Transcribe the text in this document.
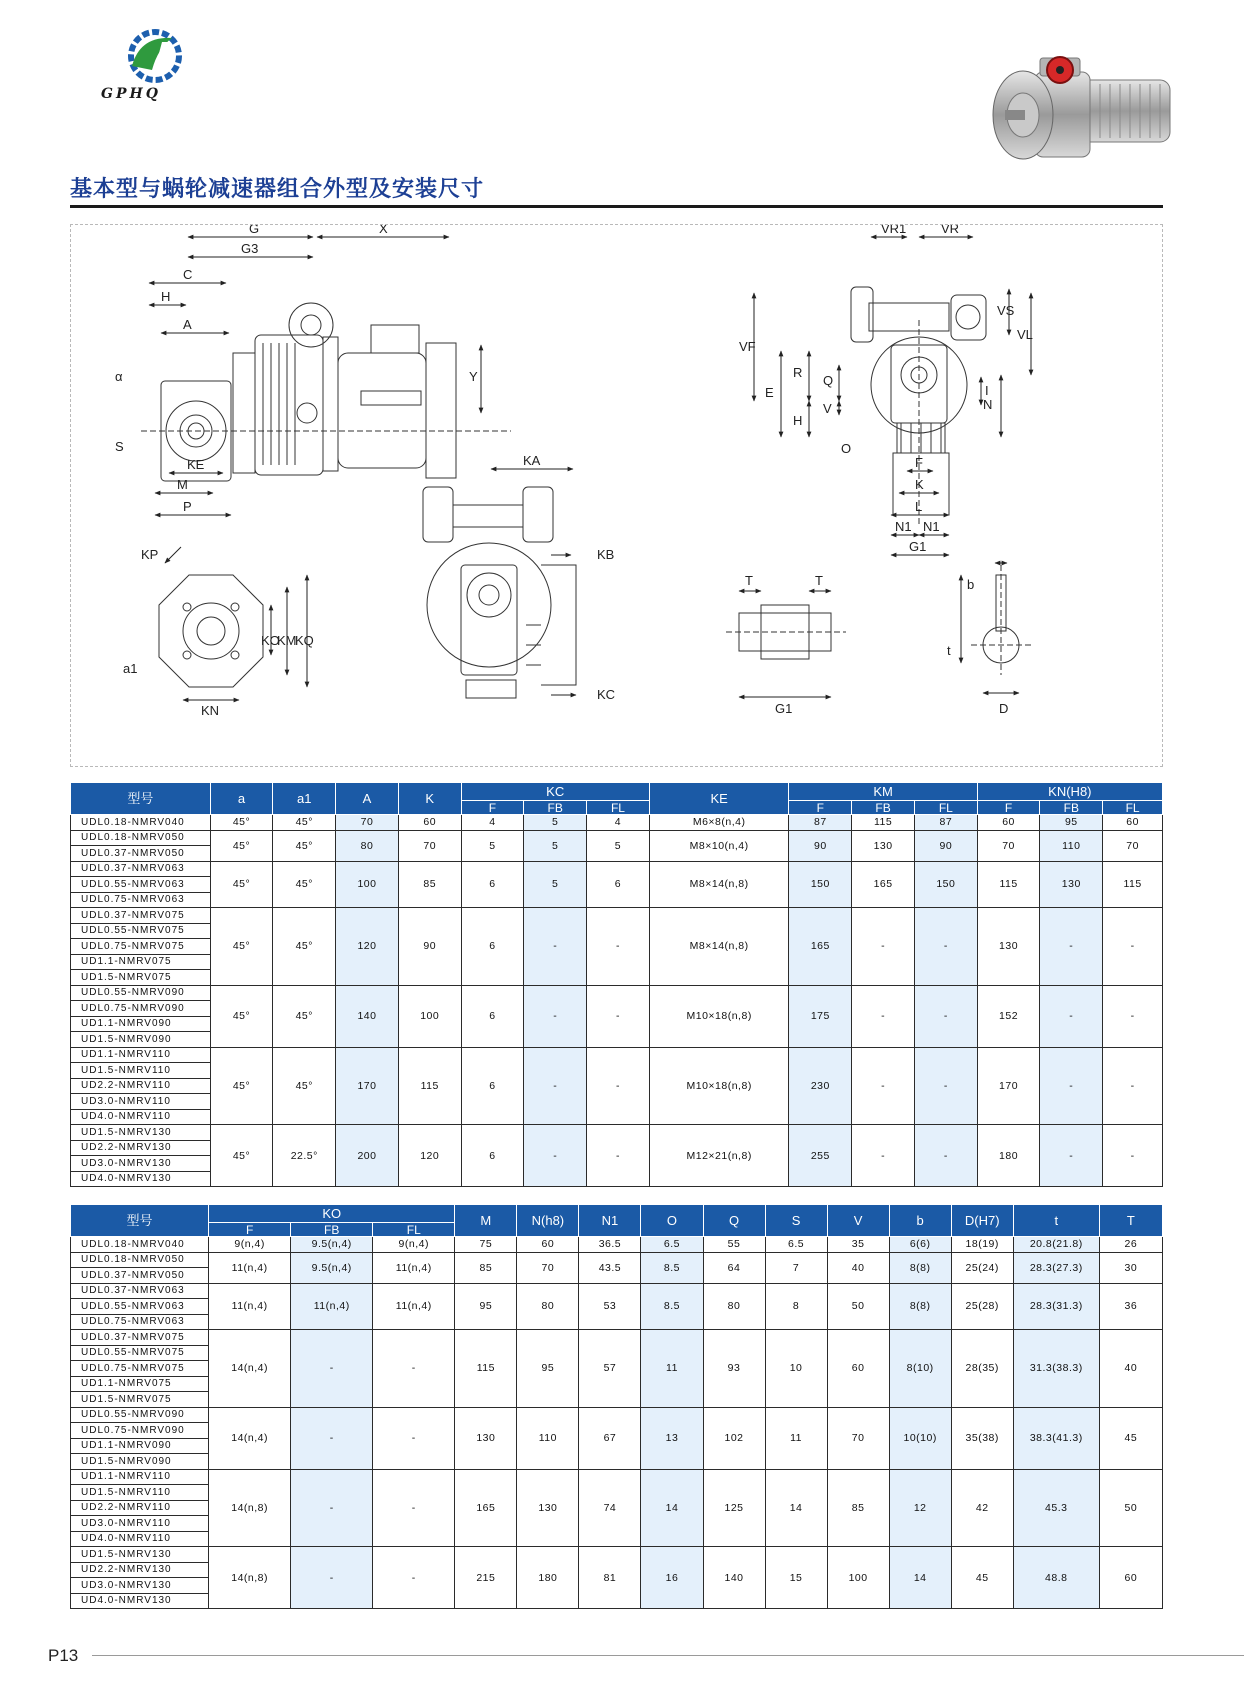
GPHQ
基本型与蜗轮减速器组合外型及安装尺寸
G	X
G3
C
H
A
α
S
KE
M
P
Y
VR1	VR
VS
VF
VL
E
R
Q
V
H
O
I
N
F
K
L
N1 N1
G1
KA
KB
KC
KP
KO
KM
KQ
a1
KN
T	T
G1
b
t
D
型号	a	a1	A	K	KC			KE	KM			KN(H8)		
					F	FB	FL		F	FB	FL	F	FB	FL
UDL0.18-NMRV040	45°	45°	70	60	4	5	4	M6×8(n,4)	87	115	87	60	95	60
UDL0.18-NMRV050	45°	45°	80	70	5	5	5	M8×10(n,4)	90	130	90	70	110	70
UDL0.37-NMRV050														
UDL0.37-NMRV063	45°	45°	100	85	6	5	6	M8×14(n,8)	150	165	150	115	130	115
UDL0.55-NMRV063														
UDL0.75-NMRV063														
UDL0.37-NMRV075	45°	45°	120	90	6	-	-	M8×14(n,8)	165	-	-	130	-	-
UDL0.55-NMRV075														
UDL0.75-NMRV075														
UD1.1-NMRV075														
UD1.5-NMRV075														
UDL0.55-NMRV090	45°	45°	140	100	6	-	-	M10×18(n,8)	175	-	-	152	-	-
UDL0.75-NMRV090														
UD1.1-NMRV090														
UD1.5-NMRV090														
UD1.1-NMRV110	45°	45°	170	115	6	-	-	M10×18(n,8)	230	-	-	170	-	-
UD1.5-NMRV110														
UD2.2-NMRV110														
UD3.0-NMRV110														
UD4.0-NMRV110														
UD1.5-NMRV130	45°	22.5°	200	120	6	-	-	M12×21(n,8)	255	-	-	180	-	-
UD2.2-NMRV130														
UD3.0-NMRV130														
UD4.0-NMRV130														
型号	KO			M	N(h8)	N1	O	Q	S	V	b	D(H7)	t	T
	F	FB	FL											
UDL0.18-NMRV040	9(n,4)	9.5(n,4)	9(n,4)	75	60	36.5	6.5	55	6.5	35	6(6)	18(19)	20.8(21.8)	26
UDL0.18-NMRV050	11(n,4)	9.5(n,4)	11(n,4)	85	70	43.5	8.5	64	7	40	8(8)	25(24)	28.3(27.3)	30
UDL0.37-NMRV050														
UDL0.37-NMRV063	11(n,4)	11(n,4)	11(n,4)	95	80	53	8.5	80	8	50	8(8)	25(28)	28.3(31.3)	36
UDL0.55-NMRV063														
UDL0.75-NMRV063														
UDL0.37-NMRV075	14(n,4)	-	-	115	95	57	11	93	10	60	8(10)	28(35)	31.3(38.3)	40
UDL0.55-NMRV075														
UDL0.75-NMRV075														
UD1.1-NMRV075														
UD1.5-NMRV075														
UDL0.55-NMRV090	14(n,4)	-	-	130	110	67	13	102	11	70	10(10)	35(38)	38.3(41.3)	45
UDL0.75-NMRV090														
UD1.1-NMRV090														
UD1.5-NMRV090														
UD1.1-NMRV110	14(n,8)	-	-	165	130	74	14	125	14	85	12	42	45.3	50
UD1.5-NMRV110														
UD2.2-NMRV110														
UD3.0-NMRV110														
UD4.0-NMRV110														
UD1.5-NMRV130	14(n,8)	-	-	215	180	81	16	140	15	100	14	45	48.8	60
UD2.2-NMRV130														
UD3.0-NMRV130														
UD4.0-NMRV130														
P13
